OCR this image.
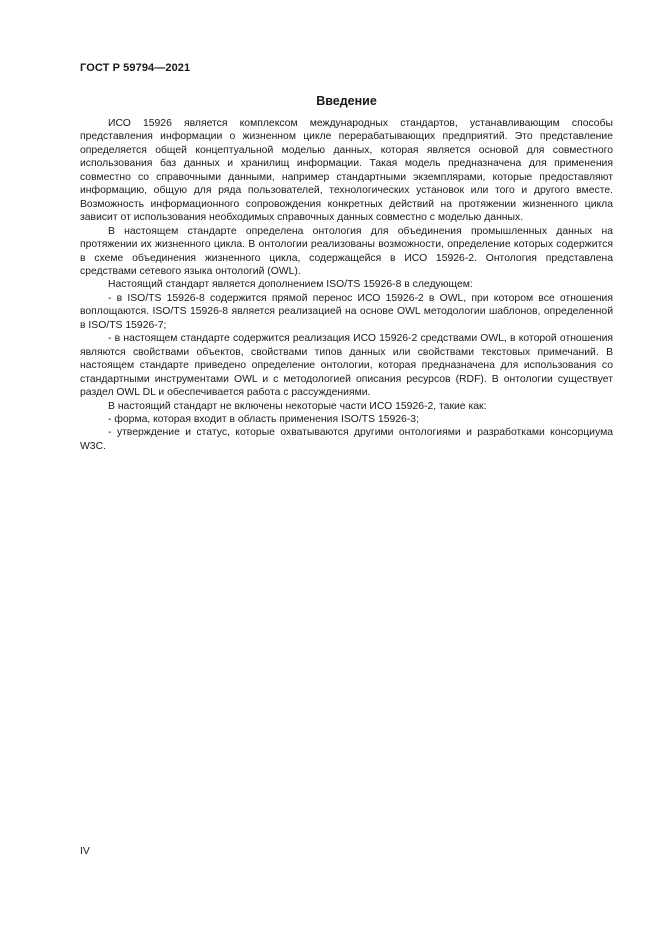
ГОСТ Р 59794—2021
Введение

ИСО 15926 является комплексом международных стандартов, устанавливающим способы представления информации о жизненном цикле перерабатывающих предприятий. Это представление определяется общей концептуальной моделью данных, которая является основой для совместного использования баз данных и хранилищ информации. Такая модель предназначена для применения совместно со справочными данными, например стандартными экземплярами, которые предоставляют информацию, общую для ряда пользователей, технологических установок или того и другого вместе. Возможность информационного сопровождения конкретных действий на протяжении жизненного цикла зависит от использования необходимых справочных данных совместно с моделью данных.

В настоящем стандарте определена онтология для объединения промышленных данных на протяжении их жизненного цикла. В онтологии реализованы возможности, определение которых содержится в схеме объединения жизненного цикла, содержащейся в ИСО 15926-2. Онтология представлена средствами сетевого языка онтологий (OWL).

Настоящий стандарт является дополнением ISO/TS 15926-8 в следующем:

- в ISO/TS 15926-8 содержится прямой перенос ИСО 15926-2 в OWL, при котором все отношения воплощаются. ISO/TS 15926-8 является реализацией на основе OWL методологии шаблонов, определенной в ISO/TS 15926-7;

- в настоящем стандарте содержится реализация ИСО 15926-2 средствами OWL, в которой отношения являются свойствами объектов, свойствами типов данных или свойствами текстовых примечаний. В настоящем стандарте приведено определение онтологии, которая предназначена для использования со стандартными инструментами OWL и с методологией описания ресурсов (RDF). В онтологии существует раздел OWL DL и обеспечивается работа с рассуждениями.

В настоящий стандарт не включены некоторые части ИСО 15926-2, такие как:

- форма, которая входит в область применения ISO/TS 15926-3;

- утверждение и статус, которые охватываются другими онтологиями и разработками консорциума W3C.

IV
